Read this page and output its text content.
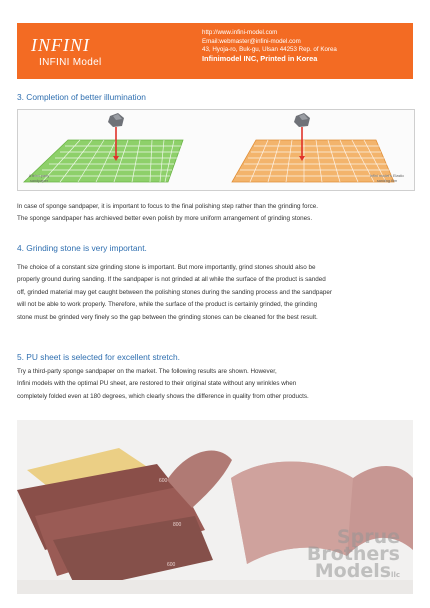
INFINI
INFINI Model
http://www.infini-model.com
Email:webmaster@infini-model.com
43, Hyoja-ro, Buk-gu, Ulsan 44253 Rep. of Korea
Infinimodel INC, Printed in Korea
3. Completion of better illumination
A third-party sandpaper
Infini model's Elastic sanding film
In case of sponge sandpaper, it is important to focus to the final polishing step rather than the grinding force.
The sponge sandpaper has archieved better even polish by more uniform arrangement of grinding stones.
4. Grinding stone is very important.
The choice of a constant size grinding stone is important. But more importantly, grind stones should also be
properly ground during sanding. If the sandpaper is not grinded at all while the surface of the product is sanded
off, grinded material may get caught between the polishing stones during the sanding process and the sandpaper
will not be able to work properly. Therefore, while the surface of the product is certainly grinded, the grinding
stone must be grinded very finely so the gap between the grinding stones can be cleaned for the best result.
5. PU sheet is selected for excellent stretch.
Try a third-party sponge sandpaper on the market. The following results are shown. However,
Infini models with the optimal PU sheet, are restored to their original state without any wrinkles when
completely folded even at 180 degrees, which clearly shows the difference in quality from other products.
600
800
600
Sprue
Brothers
Modelsllc
